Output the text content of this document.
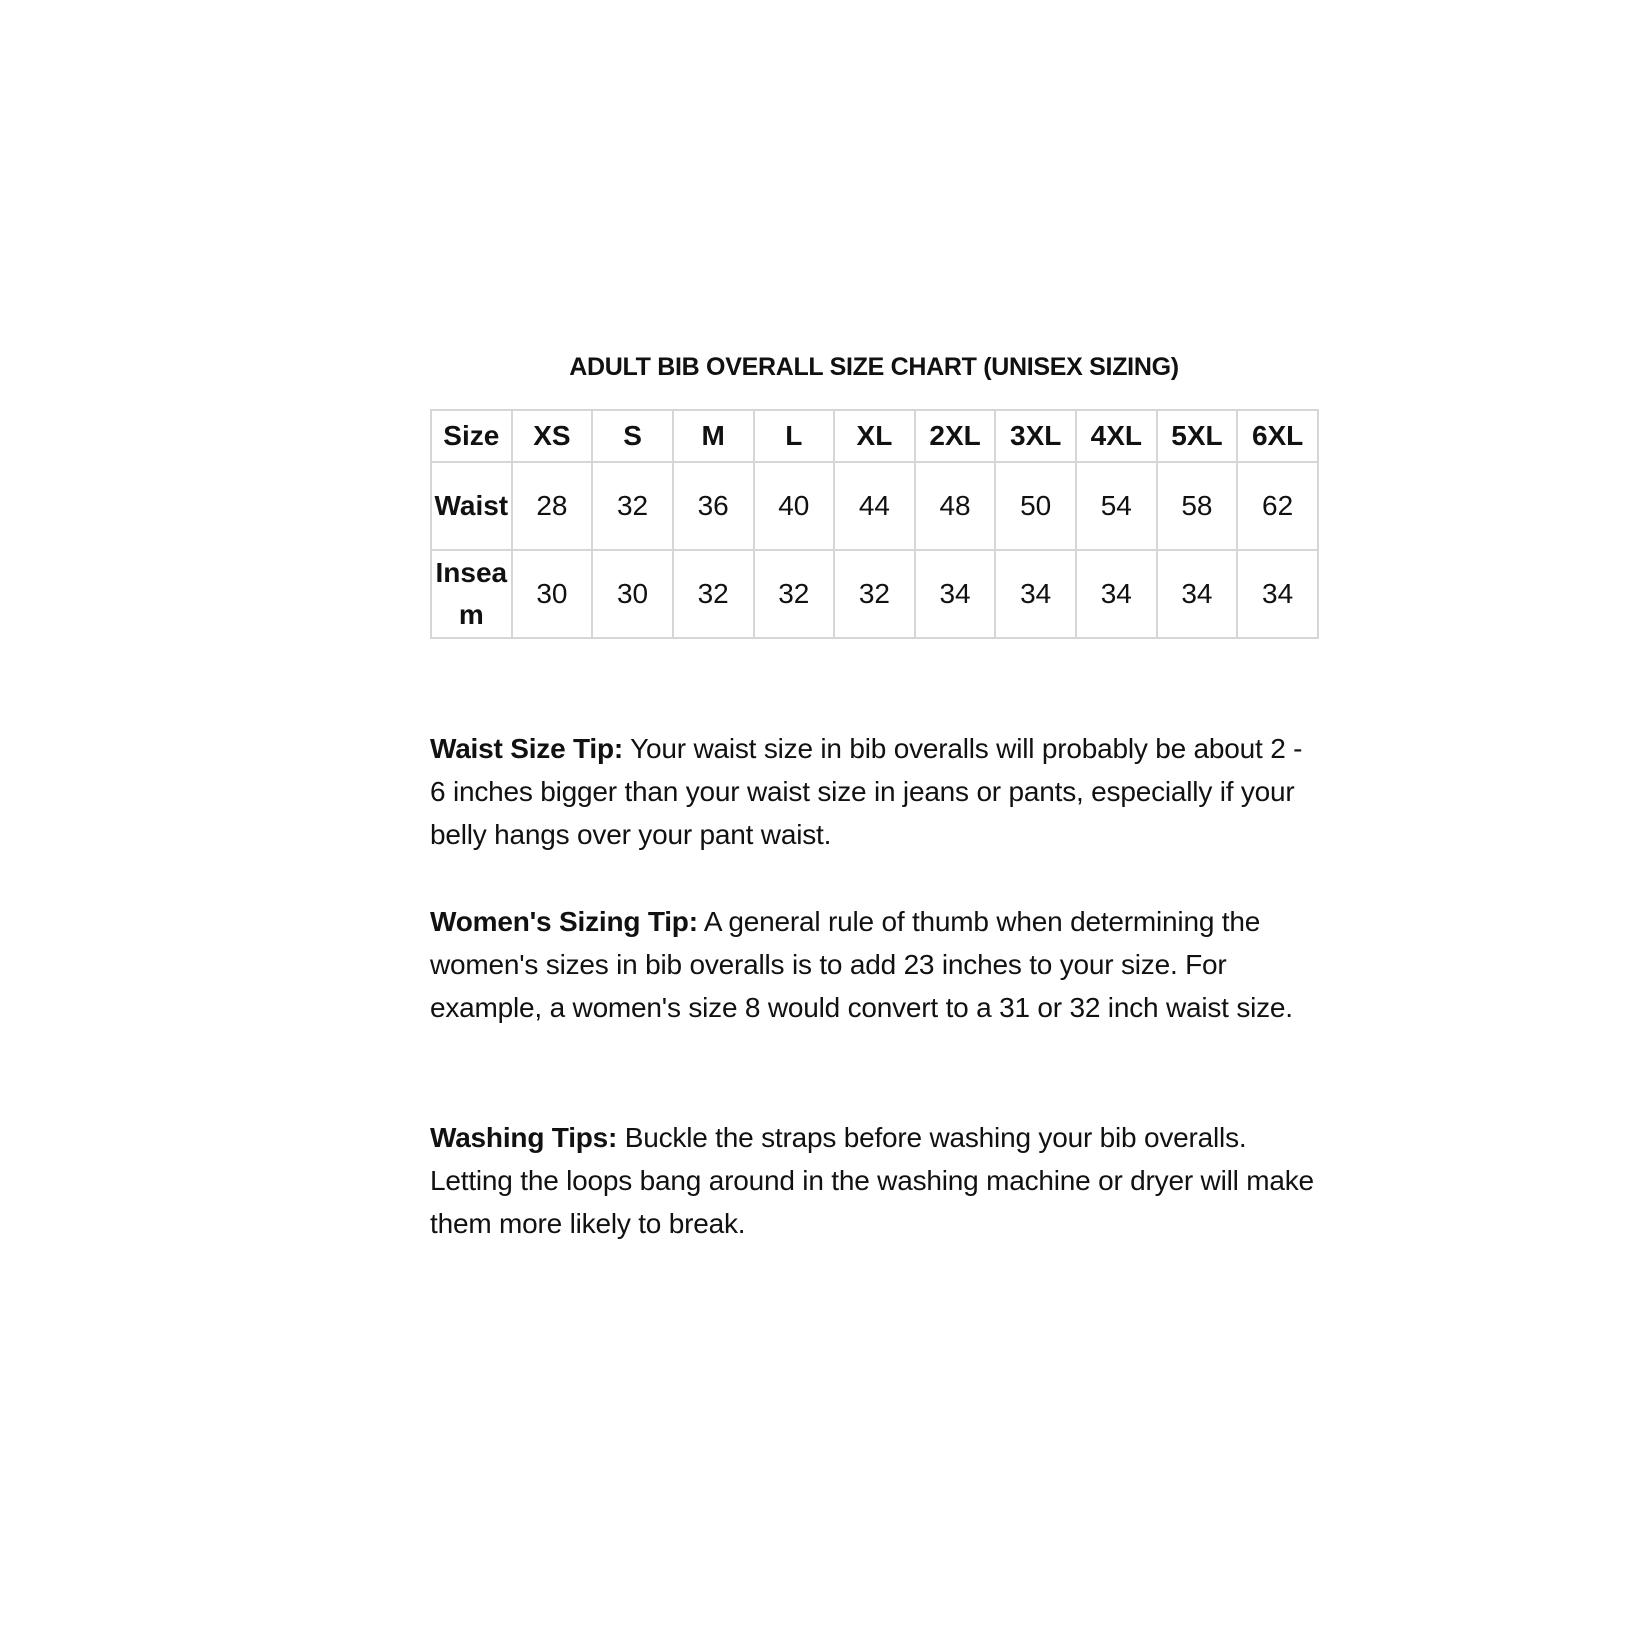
ADULT BIB OVERALL SIZE CHART (UNISEX SIZING)
Size	XS	S	M	L	XL	2XL	3XL	4XL	5XL	6XL
Waist	28	32	36	40	44	48	50	54	58	62
Inseam	30	30	32	32	32	34	34	34	34	34

Waist Size Tip: Your waist size in bib overalls will probably be about 2 - 6 inches bigger than your waist size in jeans or pants, especially if your belly hangs over your pant waist.

Women's Sizing Tip: A general rule of thumb when determining the women's sizes in bib overalls is to add 23 inches to your size. For example, a women's size 8 would convert to a 31 or 32 inch waist size.

Washing Tips: Buckle the straps before washing your bib overalls. Letting the loops bang around in the washing machine or dryer will make them more likely to break.
